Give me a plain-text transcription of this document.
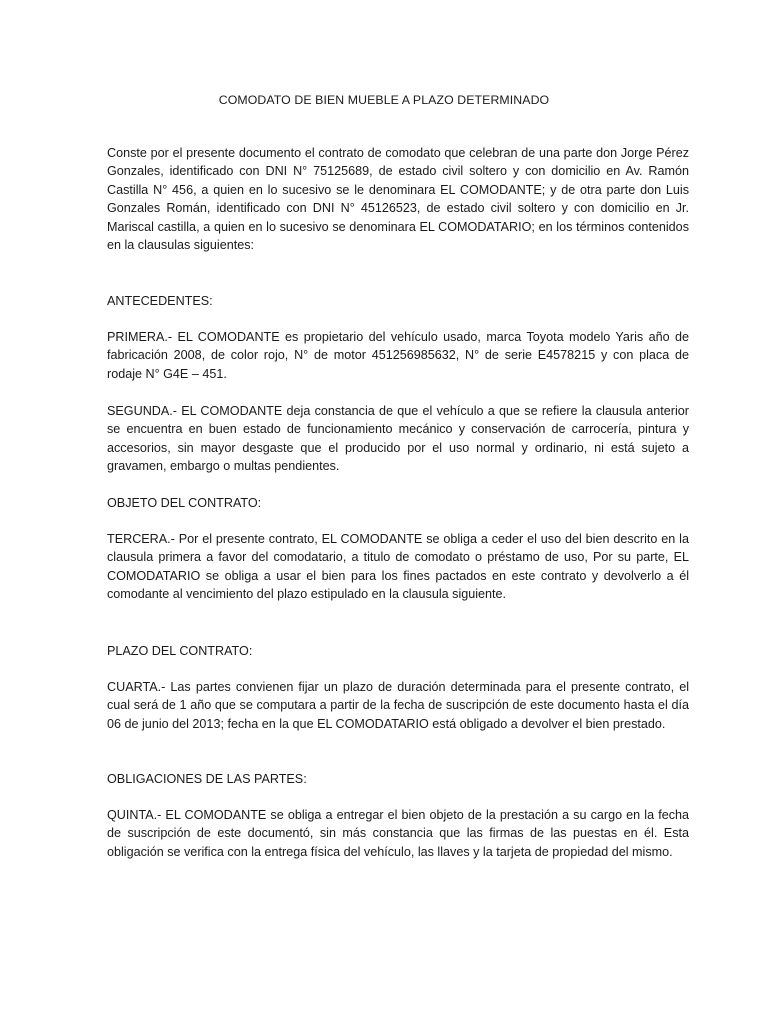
COMODATO DE BIEN MUEBLE A PLAZO DETERMINADO

Conste por el presente documento el contrato de comodato que celebran de una parte don Jorge Pérez Gonzales, identificado con DNI N° 75125689, de estado civil soltero y con domicilio en Av. Ramón Castilla N° 456, a quien en lo sucesivo se le denominara EL COMODANTE; y de otra parte don Luis Gonzales Román, identificado con DNI N° 45126523, de estado civil soltero y con domicilio en Jr. Mariscal castilla, a quien en lo sucesivo se denominara EL COMODATARIO; en los términos contenidos en la clausulas siguientes:

ANTECEDENTES:

PRIMERA.- EL COMODANTE es propietario del vehículo usado, marca Toyota modelo Yaris año de fabricación 2008, de color rojo, N° de motor 451256985632, N° de serie E4578215 y con placa de rodaje N° G4E – 451.

SEGUNDA.- EL COMODANTE deja constancia de que el vehículo a que se refiere la clausula anterior se encuentra en buen estado de funcionamiento mecánico y conservación de carrocería, pintura y accesorios, sin mayor desgaste que el producido por el uso normal y ordinario, ni está sujeto a gravamen, embargo o multas pendientes.

OBJETO DEL CONTRATO:

TERCERA.- Por el presente contrato, EL COMODANTE se obliga a ceder el uso del bien descrito en la clausula primera a favor del comodatario, a titulo de comodato o préstamo de uso, Por su parte, EL COMODATARIO se obliga a usar el bien para los fines pactados en este contrato y devolverlo a él comodante al vencimiento del plazo estipulado en la clausula siguiente.

PLAZO DEL CONTRATO:

CUARTA.- Las partes convienen fijar un plazo de duración determinada para el presente contrato, el cual será de 1 año que se computara a partir de la fecha de suscripción de este documento hasta el día 06 de junio del 2013; fecha en la que EL COMODATARIO está obligado a devolver el bien prestado.

OBLIGACIONES DE LAS PARTES:

QUINTA.- EL COMODANTE se obliga a entregar el bien objeto de la prestación a su cargo en la fecha de suscripción de este documentó, sin más constancia que las firmas de las puestas en él. Esta obligación se verifica con la entrega física del vehículo, las llaves y la tarjeta de propiedad del mismo.
